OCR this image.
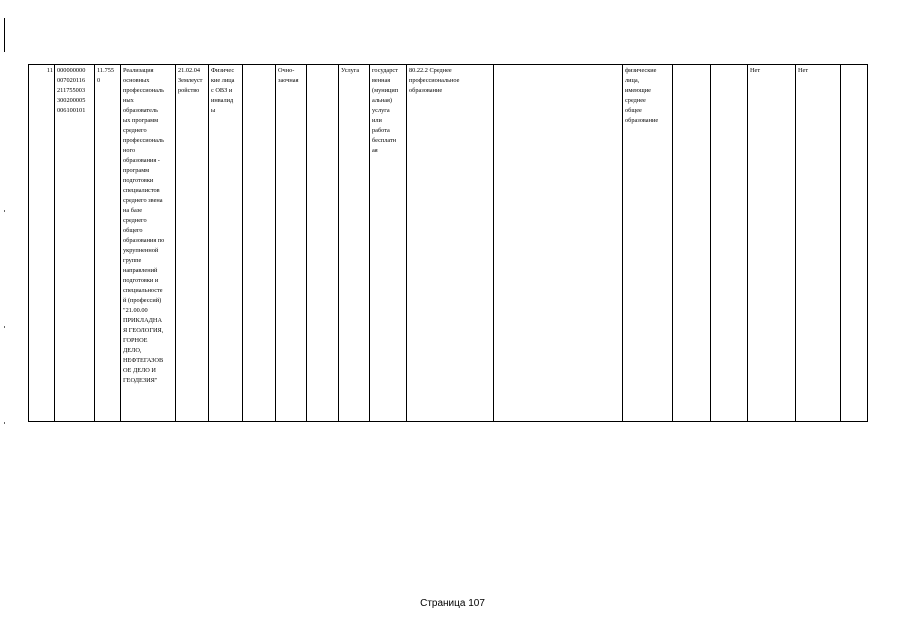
11	000000000
007020116
211755003
300200005
006100101	11.755
0	Реализация
основных
профессиональ
ных
образователь
ых программ
среднего
профессиональ
ного
образования -
программ
подготовки
специалистов
среднего звена
на базе
среднего
общего
образования по
укрупненной
группе
направлений
подготовки и
специальносте
й (профессий)
"21.00.00
ПРИКЛАДНА
Я ГЕОЛОГИЯ,
ГОРНОЕ
ДЕЛО,
НЕФТЕГАЗОВ
ОЕ ДЕЛО И
ГЕОДЕЗИЯ"	21.02.04
Землеуст
ройство	Физичес
кие лица
с ОВЗ и
инвалид
ы		Очно-
заочная		Услуга	государст
венная
(муницип
альная)
услуга
или
работа
бесплатн
ая	80.22.2 Среднее
профессиональное
образование		физические
лица,
имеющие
среднее
общее
образование			Нет	Нет	
Страница 107
